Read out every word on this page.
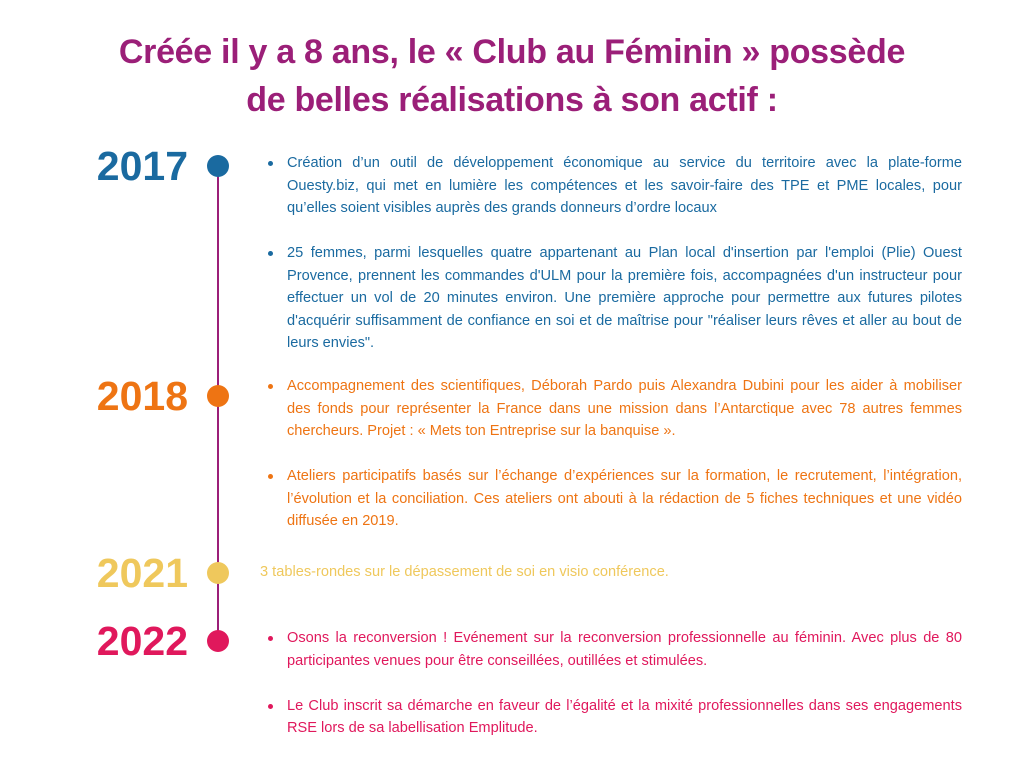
Créée il y a 8 ans, le « Club au Féminin » possède
de belles réalisations à son actif :
2017	Création d’un outil de développement économique au service du territoire avec la plate-forme Ouesty.biz, qui met en lumière les compétences et les savoir-faire des TPE et PME locales, pour qu’elles soient visibles auprès des grands donneurs d’ordre locaux
25 femmes, parmi lesquelles quatre appartenant au Plan local d'insertion par l'emploi (Plie) Ouest Provence, prennent les commandes d'ULM pour la première fois, accompagnées d'un instructeur pour effectuer un vol de 20 minutes environ. Une première approche pour permettre aux futures pilotes d'acquérir suffisamment de confiance en soi et de maîtrise pour "réaliser leurs rêves et aller au bout de leurs envies".
2018	Accompagnement des scientifiques, Déborah Pardo puis Alexandra Dubini pour les aider à mobiliser des fonds pour représenter la France dans une mission dans l’Antarctique avec 78 autres femmes chercheurs. Projet : « Mets ton Entreprise sur la banquise ».
Ateliers participatifs basés sur l’échange d’expériences sur la formation, le recrutement, l’intégration, l’évolution et la conciliation. Ces ateliers ont abouti à la rédaction de 5 fiches techniques et une vidéo diffusée en 2019.
2021	3 tables-rondes sur le dépassement de soi en visio conférence.
2022	Osons la reconversion ! Evénement sur la reconversion professionnelle au féminin. Avec plus de 80 participantes venues pour être conseillées, outillées et stimulées.
Le Club inscrit sa démarche en faveur de l’égalité et la mixité professionnelles dans ses engagements RSE lors de sa labellisation Emplitude.
